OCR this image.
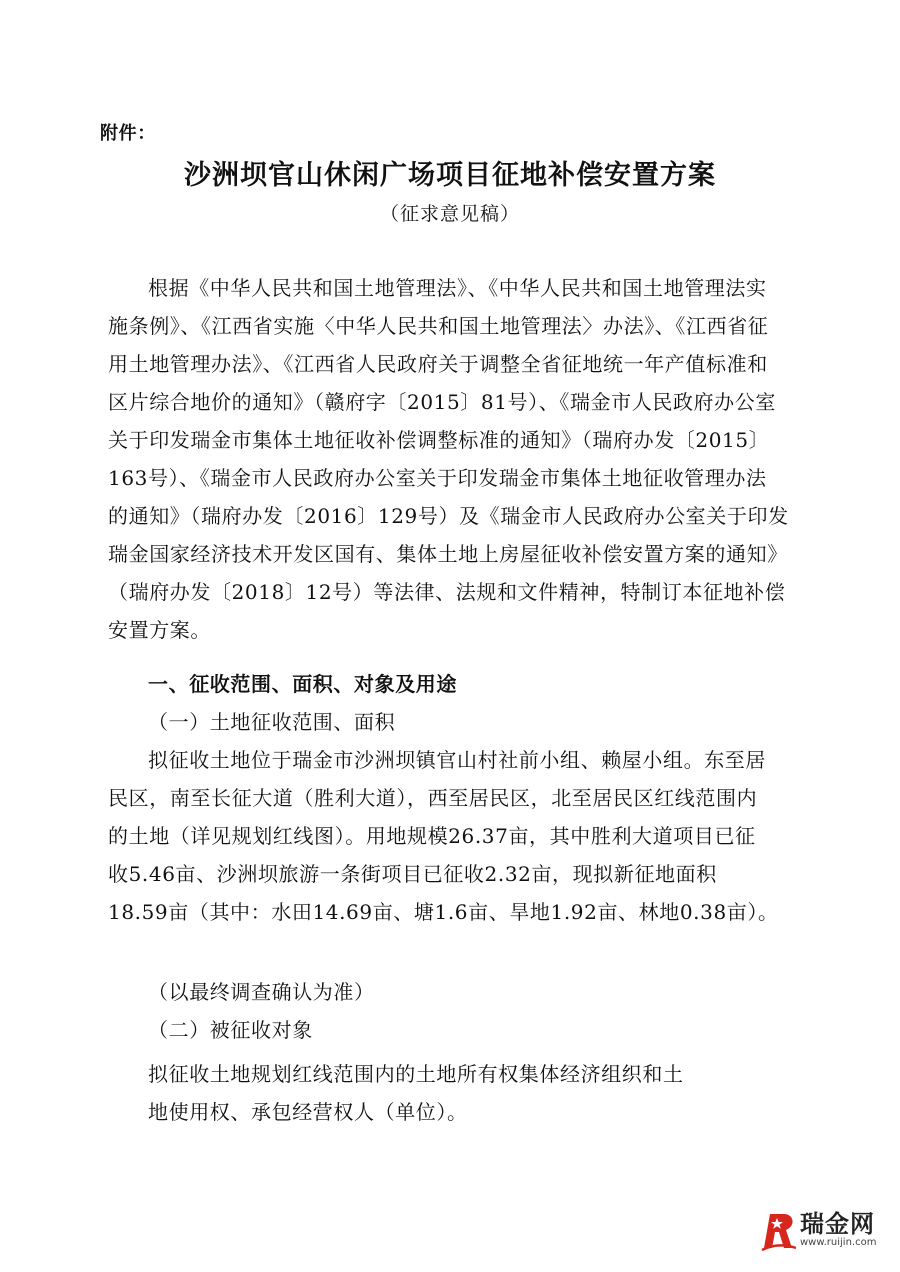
附件：
沙洲坝官山休闲广场项目征地补偿安置方案
（征求意见稿）
根据《中华人民共和国土地管理法》、《中华人民共和国土地管理法实
施条例》、《江西省实施〈中华人民共和国土地管理法〉办法》、《江西省征
用土地管理办法》、《江西省人民政府关于调整全省征地统一年产值标准和
区片综合地价的通知》（赣府字〔2015〕81号）、《瑞金市人民政府办公室
关于印发瑞金市集体土地征收补偿调整标准的通知》（瑞府办发〔2015〕
163号）、《瑞金市人民政府办公室关于印发瑞金市集体土地征收管理办法
的通知》（瑞府办发〔2016〕129号）及《瑞金市人民政府办公室关于印发
瑞金国家经济技术开发区国有、集体土地上房屋征收补偿安置方案的通知》
（瑞府办发〔2018〕12号）等法律、法规和文件精神，特制订本征地补偿
安置方案。
一、征收范围、面积、对象及用途
（一）土地征收范围、面积
拟征收土地位于瑞金市沙洲坝镇官山村社前小组、赖屋小组。东至居
民区，南至长征大道（胜利大道），西至居民区，北至居民区红线范围内
的土地（详见规划红线图）。用地规模26.37亩，其中胜利大道项目已征
收5.46亩、沙洲坝旅游一条街项目已征收2.32亩，现拟新征地面积
18.59亩（其中：水田14.69亩、塘1.6亩、旱地1.92亩、林地0.38亩）。
（以最终调查确认为准）
（二）被征收对象
拟征收土地规划红线范围内的土地所有权集体经济组织和土
地使用权、承包经营权人（单位）。
瑞金网
www.ruijin.com
